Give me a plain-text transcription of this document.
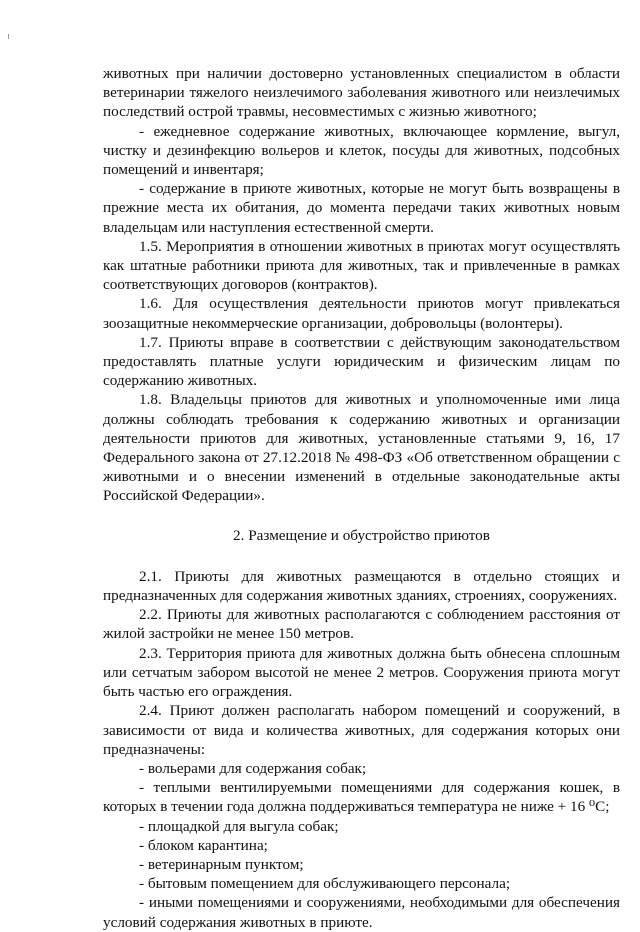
животных при наличии достоверно установленных специалистом в области ветеринарии тяжелого неизлечимого заболевания животного или неизлечимых последствий острой травмы, несовместимых с жизнью животного;

- ежедневное содержание животных, включающее кормление, выгул, чистку и дезинфекцию вольеров и клеток, посуды для животных, подсобных помещений и инвентаря;

- содержание в приюте животных, которые не могут быть возвращены в прежние места их обитания, до момента передачи таких животных новым владельцам или наступления естественной смерти.

1.5. Мероприятия в отношении животных в приютах могут осуществлять как штатные работники приюта для животных, так и привлеченные в рамках соответствующих договоров (контрактов).

1.6. Для осуществления деятельности приютов могут привлекаться зоозащитные некоммерческие организации, добровольцы (волонтеры).

1.7. Приюты вправе в соответствии с действующим законодательством предоставлять платные услуги юридическим и физическим лицам по содержанию животных.

1.8. Владельцы приютов для животных и уполномоченные ими лица должны соблюдать требования к содержанию животных и организации деятельности приютов для животных, установленные статьями 9, 16, 17 Федерального закона от 27.12.2018 № 498-ФЗ «Об ответственном обращении с животными и о внесении изменений в отдельные законодательные акты Российской Федерации».

2. Размещение и обустройство приютов

2.1. Приюты для животных размещаются в отдельно стоящих и предназначенных для содержания животных зданиях, строениях, сооружениях.

2.2. Приюты для животных располагаются с соблюдением расстояния от жилой застройки не менее 150 метров.

2.3. Территория приюта для животных должна быть обнесена сплошным или сетчатым забором высотой не менее 2 метров. Сооружения приюта могут быть частью его ограждения.

2.4. Приют должен располагать набором помещений и сооружений, в зависимости от вида и количества животных, для содержания которых они предназначены:

- вольерами для содержания собак;

- теплыми вентилируемыми помещениями для содержания кошек, в которых в течении года должна поддерживаться температура не ниже + 16 ⁰С;

- площадкой для выгула собак;

- блоком карантина;

- ветеринарным пунктом;

- бытовым помещением для обслуживающего персонала;

- иными помещениями и сооружениями, необходимыми для обеспечения условий содержания животных в приюте.
